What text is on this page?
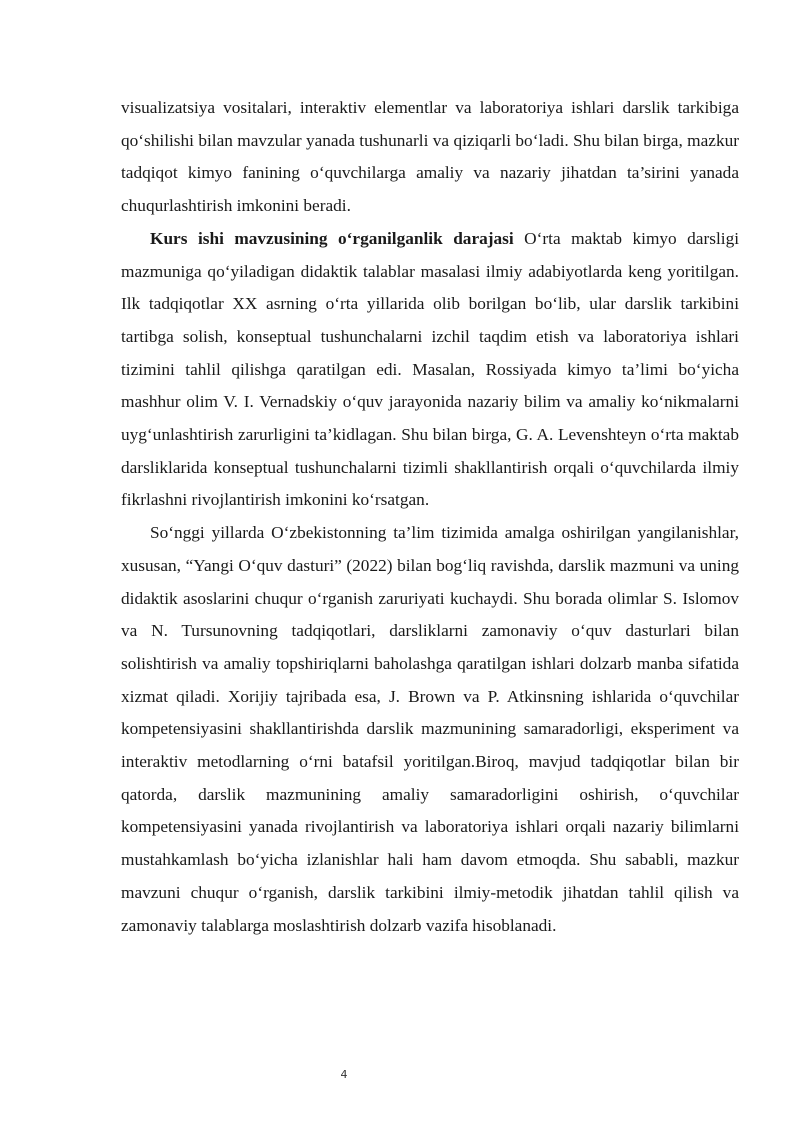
visualizatsiya vositalari, interaktiv elementlar va laboratoriya ishlari darslik tarkibiga qo‘shilishi bilan mavzular yanada tushunarli va qiziqarli bo‘ladi. Shu bilan birga, mazkur tadqiqot kimyo fanining o‘quvchilarga amaliy va nazariy jihatdan ta’sirini yanada chuqurlashtirish imkonini beradi.

Kurs ishi mavzusining o‘rganilganlik darajasi O‘rta maktab kimyo darsligi mazmuniga qo‘yiladigan didaktik talablar masalasi ilmiy adabiyotlarda keng yoritilgan. Ilk tadqiqotlar XX asrning o‘rta yillarida olib borilgan bo‘lib, ular darslik tarkibini tartibga solish, konseptual tushunchalarni izchil taqdim etish va laboratoriya ishlari tizimini tahlil qilishga qaratilgan edi. Masalan, Rossiyada kimyo ta’limi bo‘yicha mashhur olim V. I. Vernadskiy o‘quv jarayonida nazariy bilim va amaliy ko‘nikmalarni uyg‘unlashtirish zarurligini ta’kidlagan. Shu bilan birga, G. A. Levenshteyn o‘rta maktab darsliklarida konseptual tushunchalarni tizimli shakllantirish orqali o‘quvchilarda ilmiy fikrlashni rivojlantirish imkonini ko‘rsatgan.

So‘nggi yillarda O‘zbekistonning ta’lim tizimida amalga oshirilgan yangilanishlar, xususan, “Yangi O‘quv dasturi” (2022) bilan bog‘liq ravishda, darslik mazmuni va uning didaktik asoslarini chuqur o‘rganish zaruriyati kuchaydi. Shu borada olimlar S. Islomov va N. Tursunovning tadqiqotlari, darsliklarni zamonaviy o‘quv dasturlari bilan solishtirish va amaliy topshiriqlarni baholashga qaratilgan ishlari dolzarb manba sifatida xizmat qiladi. Xorijiy tajribada esa, J. Brown va P. Atkinsning ishlarida o‘quvchilar kompetensiyasini shakllantirishda darslik mazmunining samaradorligi, eksperiment va interaktiv metodlarning o‘rni batafsil yoritilgan.Biroq, mavjud tadqiqotlar bilan bir qatorda, darslik mazmunining amaliy samaradorligini oshirish, o‘quvchilar kompetensiyasini yanada rivojlantirish va laboratoriya ishlari orqali nazariy bilimlarni mustahkamlash bo‘yicha izlanishlar hali ham davom etmoqda. Shu sababli, mazkur mavzuni chuqur o‘rganish, darslik tarkibini ilmiy-metodik jihatdan tahlil qilish va zamonaviy talablarga moslashtirish dolzarb vazifa hisoblanadi.

4
